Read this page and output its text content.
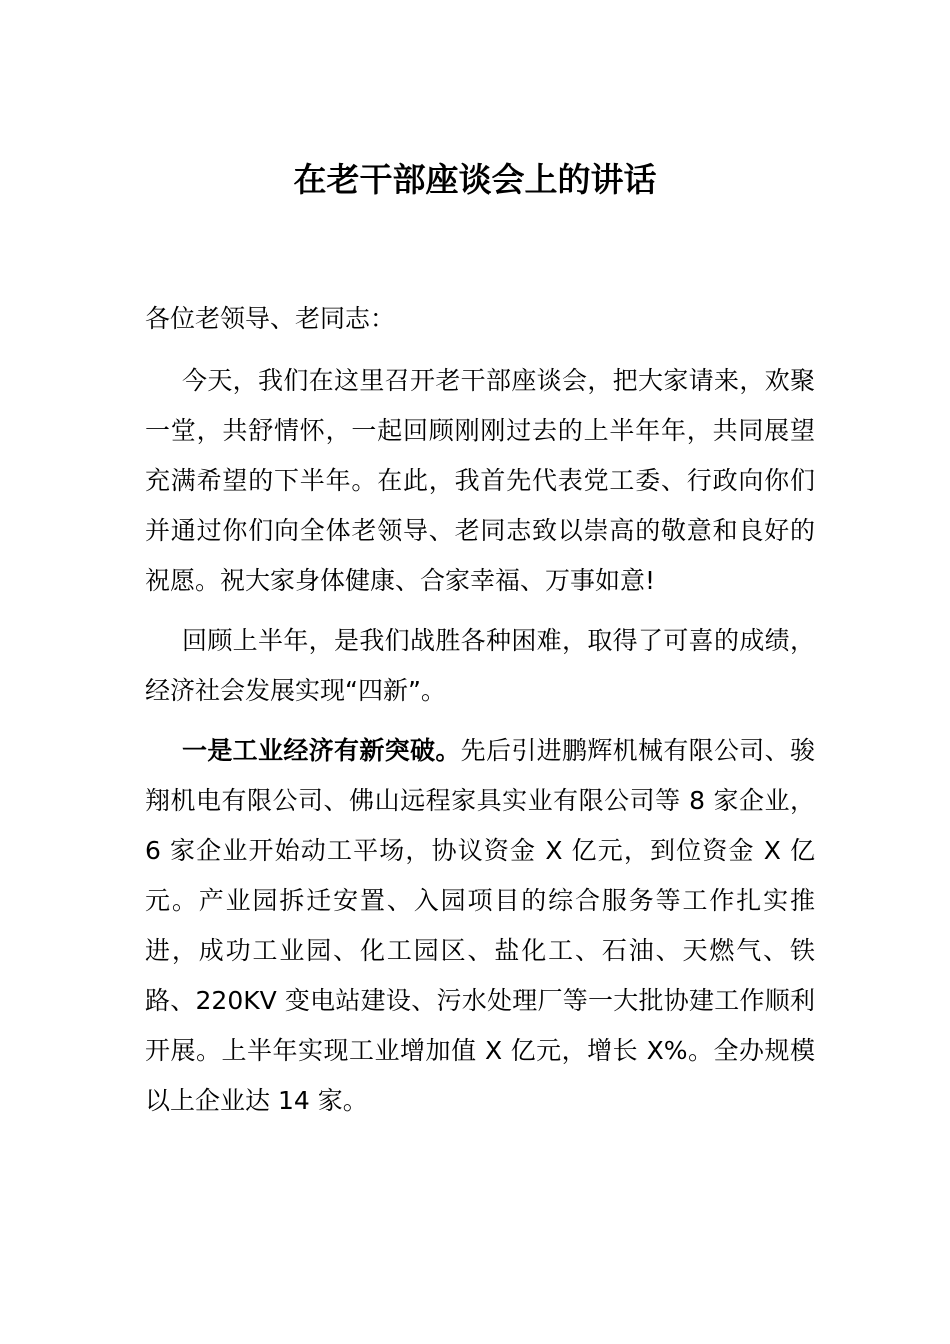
在老干部座谈会上的讲话
各位老领导、老同志：

今天，我们在这里召开老干部座谈会，把大家请来，欢聚一堂，共舒情怀，一起回顾刚刚过去的上半年年，共同展望充满希望的下半年。在此，我首先代表党工委、行政向你们并通过你们向全体老领导、老同志致以崇高的敬意和良好的祝愿。祝大家身体健康、合家幸福、万事如意!

回顾上半年，是我们战胜各种困难，取得了可喜的成绩，经济社会发展实现“四新”。

一是工业经济有新突破。先后引进鹏辉机械有限公司、骏翔机电有限公司、佛山远程家具实业有限公司等 8 家企业，6 家企业开始动工平场，协议资金 X 亿元，到位资金 X 亿元。产业园拆迁安置、入园项目的综合服务等工作扎实推进，成功工业园、化工园区、盐化工、石油、天燃气、铁路、220KV 变电站建设、污水处理厂等一大批协建工作顺利开展。上半年实现工业增加值 X 亿元，增长 X%。全办规模以上企业达 14 家。
